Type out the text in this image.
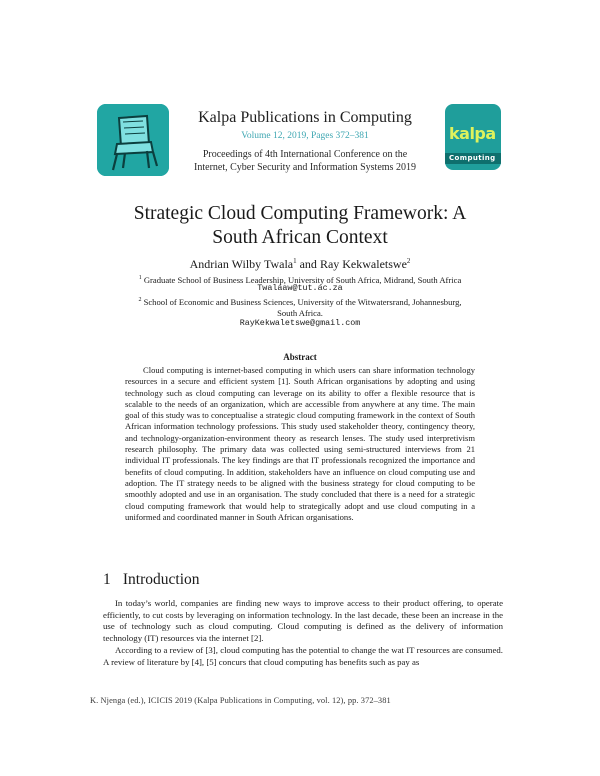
Kalpa Publications in Computing
Volume 12, 2019, Pages 372–381
Proceedings of 4th International Conference on the
Internet, Cyber Security and Information Systems 2019
kalpa
Computing
Strategic Cloud Computing Framework: A
South African Context
Andrian Wilby Twala$^1$ and Ray Kekwaletswe$^2$
$^1$ Graduate School of Business Leadership, University of South Africa, Midrand, South Africa
Twalaaw@tut.ac.za
$^2$ School of Economic and Business Sciences, University of the Witwatersrand, Johannesburg,
South Africa.
RayKekwaletswe@gmail.com
Abstract
Cloud computing is internet-based computing in which users can share information technology resources in a secure and efficient system [1]. South African organisations by adopting and using technology such as cloud computing can leverage on its ability to offer a flexible resource that is scalable to the needs of an organization, which are accessible from anywhere at any time. The main goal of this study was to conceptualise a strategic cloud computing framework in the context of South African information technology professions. This study used stakeholder theory, contingency theory, and technology-organization-environment theory as research lenses. The study used interpretivism research philosophy. The primary data was collected using semi-structured interviews from 21 individual IT professionals. The key findings are that IT professionals recognized the importance and benefits of cloud computing. In addition, stakeholders have an influence on cloud computing use and adoption. The IT strategy needs to be aligned with the business strategy for cloud computing to be smoothly adopted and use in an organisation. The study concluded that there is a need for a strategic cloud computing framework that would help to strategically adopt and use cloud computing in a uniformed and coordinated manner in South African organisations.
1 Introduction
In today’s world, companies are finding new ways to improve access to their product offering, to operate efficiently, to cut costs by leveraging on information technology. In the last decade, these been an increase in the use of technology such as cloud computing. Cloud computing is defined as the delivery of information technology (IT) resources via the internet [2].
According to a review of [3], cloud computing has the potential to change the wat IT resources are consumed. A review of literature by [4], [5] concurs that cloud computing has benefits such as pay as
K. Njenga (ed.), ICICIS 2019 (Kalpa Publications in Computing, vol. 12), pp. 372–381
